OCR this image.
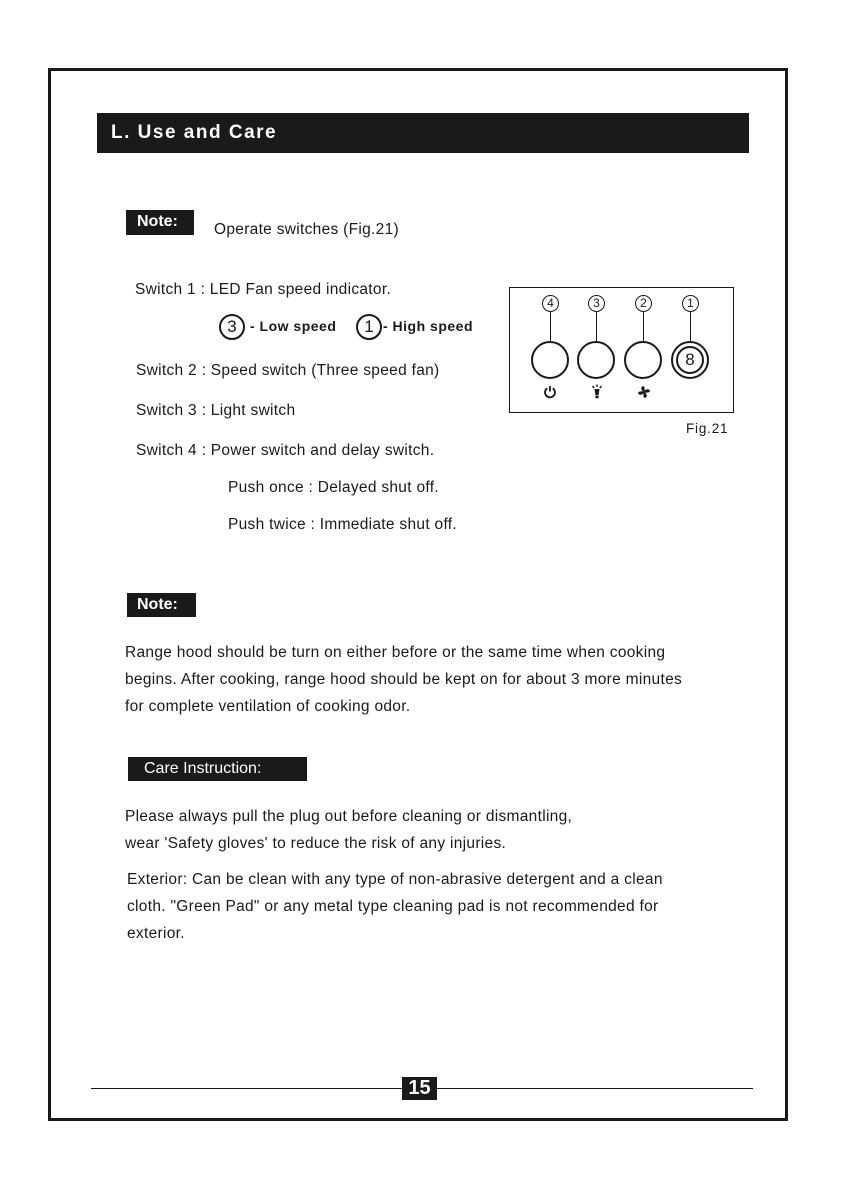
L. Use and Care
Note: Operate switches (Fig.21)
Switch 1 : LED Fan speed indicator.
3 - Low speed	1 - High speed
Switch 2 : Speed switch (Three speed fan)
Switch 3 : Light switch
Switch 4 : Power switch and delay switch.
Push once : Delayed shut off.
Push twice : Immediate shut off.
4	3	2	1
8
Fig.21
Note:
Range hood should be turn on either before or the same time when cooking
begins. After cooking, range hood should be kept on for about 3 more minutes
for complete ventilation of cooking odor.
Care Instruction:
Please always pull the plug out before cleaning or dismantling,
wear 'Safety gloves' to reduce the risk of any injuries.
Exterior: Can be clean with any type of non-abrasive detergent and a clean
cloth. "Green Pad" or any metal type cleaning pad is not recommended for
exterior.
15
